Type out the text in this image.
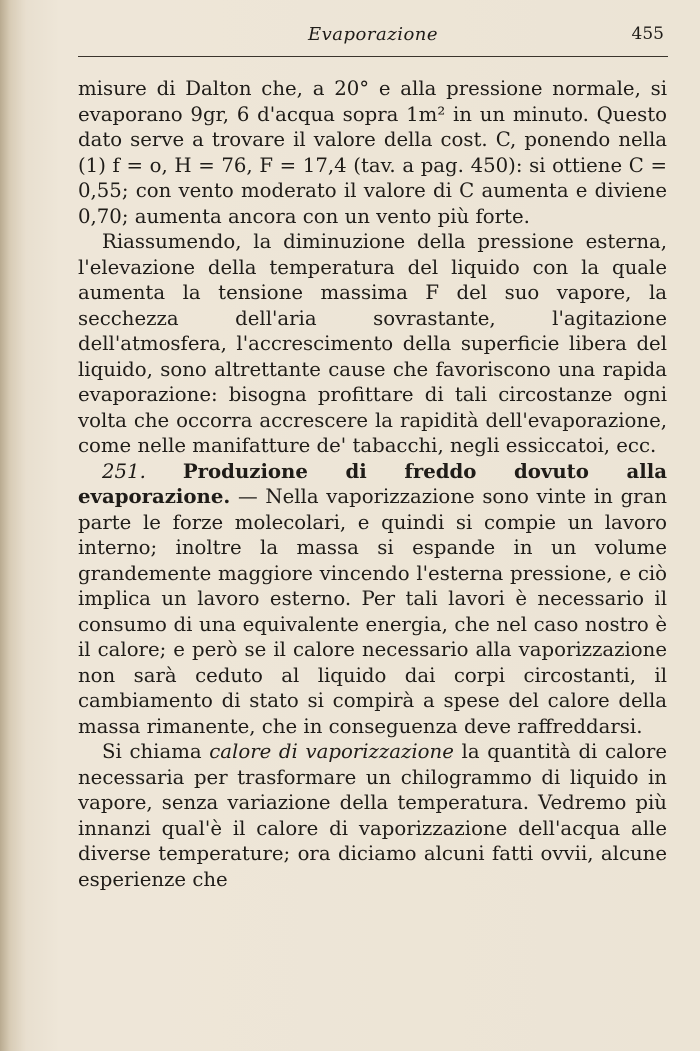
Evaporazione	455

misure di Dalton che, a 20° e alla pressione normale, si evaporano 9gr, 6 d'acqua sopra 1m² in un minuto. Questo dato serve a trovare il valore della cost. C, ponendo nella (1) f = o, H = 76, F = 17,4 (tav. a pag. 450): si ottiene C = 0,55; con vento moderato il valore di C aumenta e diviene 0,70; aumenta ancora con un vento più forte.

Riassumendo, la diminuzione della pressione esterna, l'elevazione della temperatura del liquido con la quale aumenta la tensione massima F del suo vapore, la secchezza dell'aria sovrastante, l'agitazione dell'atmosfera, l'accrescimento della superficie libera del liquido, sono altrettante cause che favoriscono una rapida evaporazione: bisogna profittare di tali circostanze ogni volta che occorra accrescere la rapidità dell'evaporazione, come nelle manifatture de' tabacchi, negli essiccatoi, ecc.

251. Produzione di freddo dovuto alla evaporazione. — Nella vaporizzazione sono vinte in gran parte le forze molecolari, e quindi si compie un lavoro interno; inoltre la massa si espande in un volume grandemente maggiore vincendo l'esterna pressione, e ciò implica un lavoro esterno. Per tali lavori è necessario il consumo di una equivalente energia, che nel caso nostro è il calore; e però se il calore necessario alla vaporizzazione non sarà ceduto al liquido dai corpi circostanti, il cambiamento di stato si compirà a spese del calore della massa rimanente, che in conseguenza deve raffreddarsi.

Si chiama calore di vaporizzazione la quantità di calore necessaria per trasformare un chilogrammo di liquido in vapore, senza variazione della temperatura. Vedremo più innanzi qual'è il calore di vaporizzazione dell'acqua alle diverse temperature; ora diciamo alcuni fatti ovvii, alcune esperienze che
